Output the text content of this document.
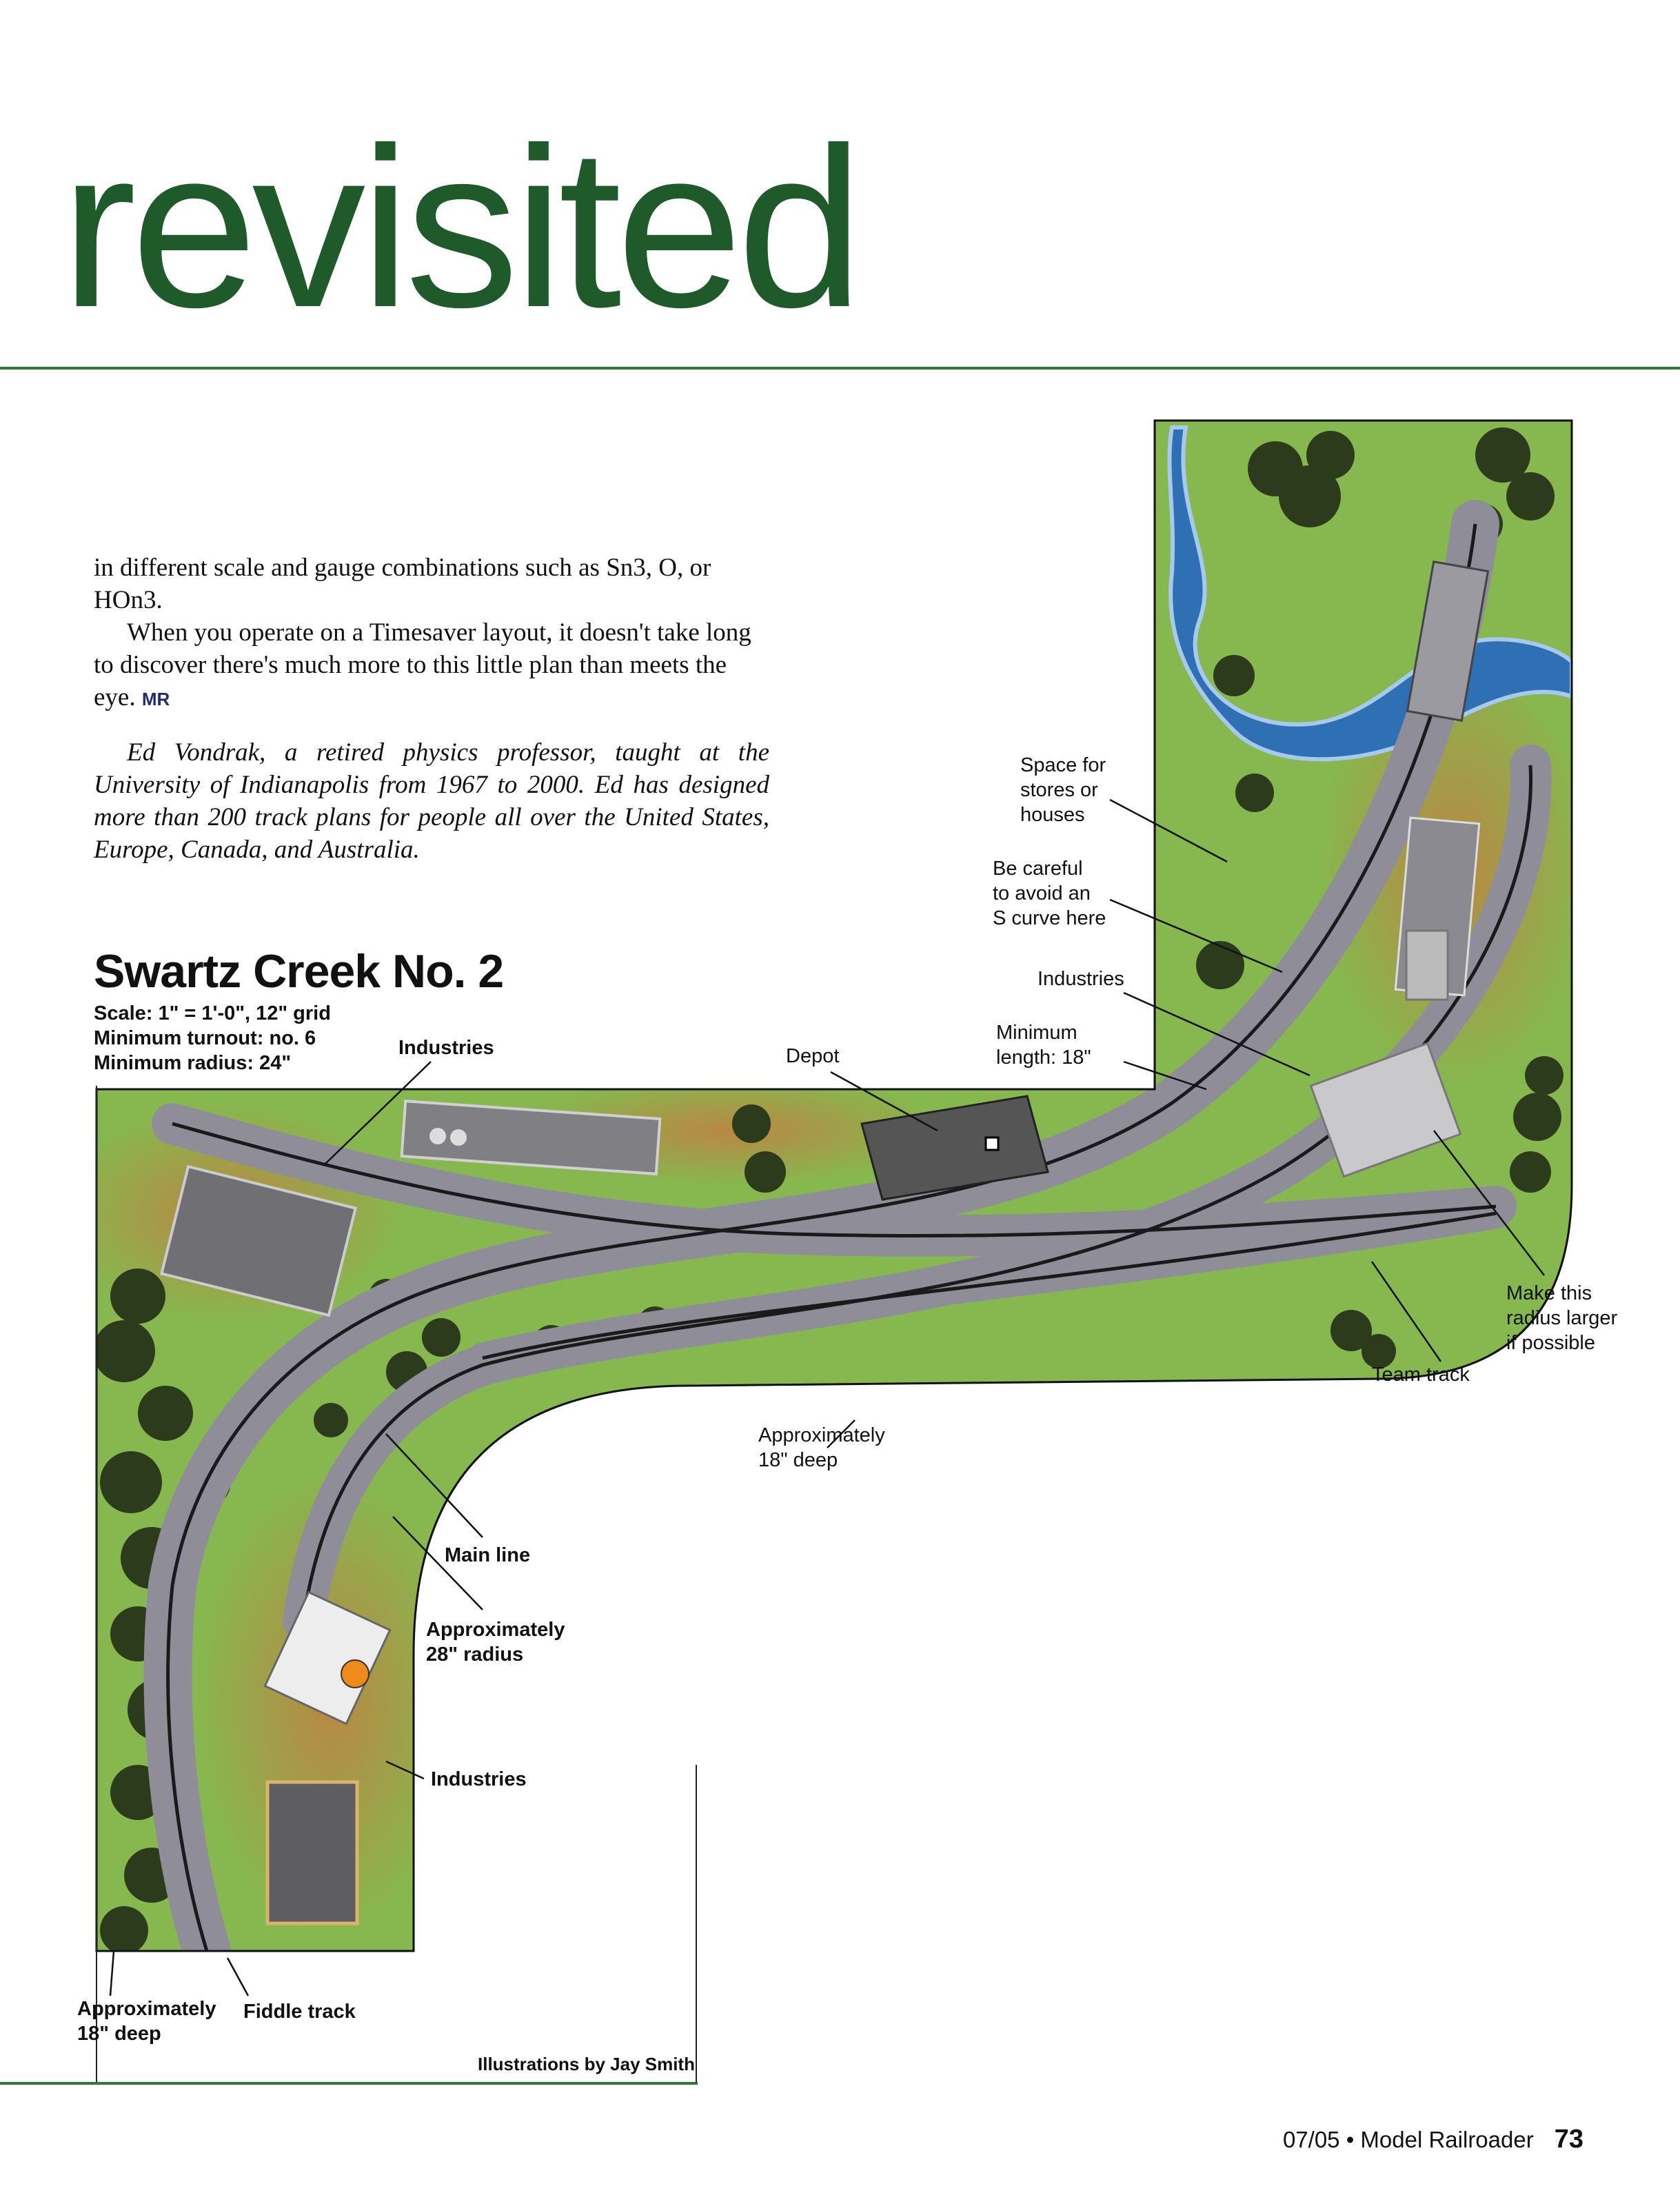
revisited

in different scale and gauge combinations such as Sn3, O, or HOn3.

When you operate on a Timesaver layout, it doesn't take long to discover there's much more to this little plan than meets the eye. MR

Ed Vondrak, a retired physics professor, taught at the University of Indianapolis from 1967 to 2000. Ed has designed more than 200 track plans for people all over the United States, Europe, Canada, and Australia.

Swartz Creek No. 2
Scale: 1" = 1'-0", 12" grid
Minimum turnout: no. 6
Minimum radius: 24"
Industries	Depot
Space for
stores or
houses
Be careful
to avoid an
S curve here
Industries
Minimum
length: 18"
Make this
radius larger
if possible
Team track
Approximately
18" deep
Main line
Approximately
28" radius
Industries
Approximately
18" deep
Fiddle track
Illustrations by Jay Smith
07/05 • Model Railroader 73
